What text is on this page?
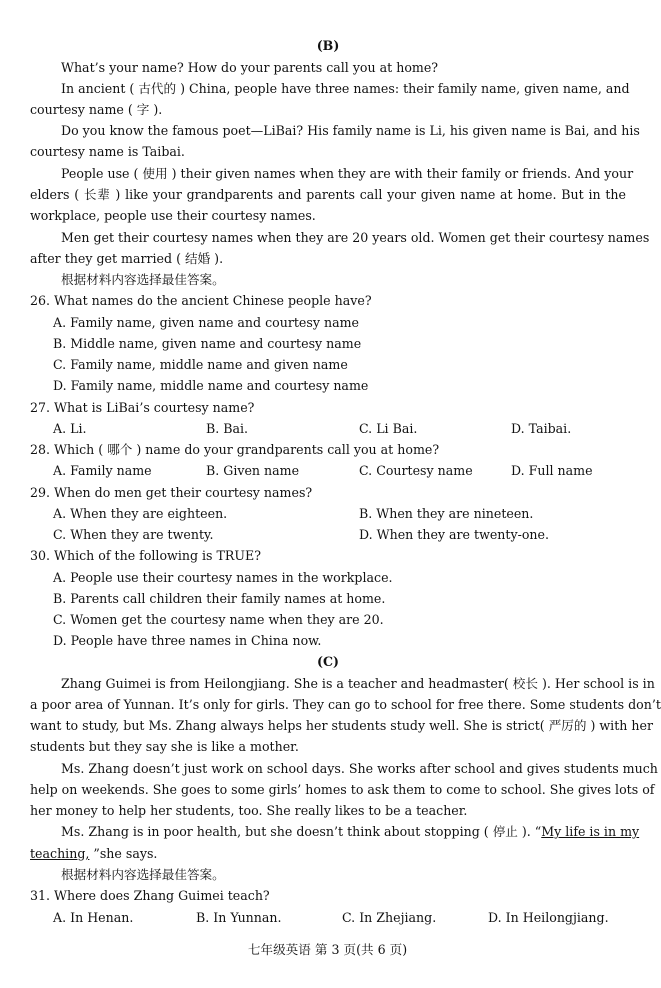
(B)
What’s your name? How do your parents call you at home?
In ancient ( 古代的 ) China, people have three names: their family name, given name, and
courtesy name ( 字 ).
Do you know the famous poet—LiBai? His family name is Li, his given name is Bai, and his
courtesy name is Taibai.
People use ( 使用 ) their given names when they are with their family or friends. And your
elders ( 长辈 ) like your grandparents and parents call your given name at home. But in the
workplace, people use their courtesy names.
Men get their courtesy names when they are 20 years old. Women get their courtesy names
after they get married ( 结婚 ).
根据材料内容选择最佳答案。
26. What names do the ancient Chinese people have?
A. Family name, given name and courtesy name
B. Middle name, given name and courtesy name
C. Family name, middle name and given name
D. Family name, middle name and courtesy name
27. What is LiBai’s courtesy name?
A. Li.	B. Bai.	C. Li Bai.	D. Taibai.
28. Which ( 哪个 ) name do your grandparents call you at home?
A. Family name	B. Given name	C. Courtesy name	D. Full name
29. When do men get their courtesy names?
A. When they are eighteen.	B. When they are nineteen.
C. When they are twenty.	D. When they are twenty-one.
30. Which of the following is TRUE?
A. People use their courtesy names in the workplace.
B. Parents call children their family names at home.
C. Women get the courtesy name when they are 20.
D. People have three names in China now.
(C)
Zhang Guimei is from Heilongjiang. She is a teacher and headmaster( 校长 ). Her school is in
a poor area of Yunnan. It’s only for girls. They can go to school for free there. Some students don’t
want to study, but Ms. Zhang always helps her students study well. She is strict( 严厉的 ) with her
students but they say she is like a mother.
Ms. Zhang doesn’t just work on school days. She works after school and gives students much
help on weekends. She goes to some girls’ homes to ask them to come to school. She gives lots of
her money to help her students, too. She really likes to be a teacher.
Ms. Zhang is in poor health, but she doesn’t think about stopping ( 停止 ). “My life is in my
teaching, ”she says.
根据材料内容选择最佳答案。
31. Where does Zhang Guimei teach?
A. In Henan.	B. In Yunnan.	C. In Zhejiang.	D. In Heilongjiang.
七年级英语 第 3 页(共 6 页)
